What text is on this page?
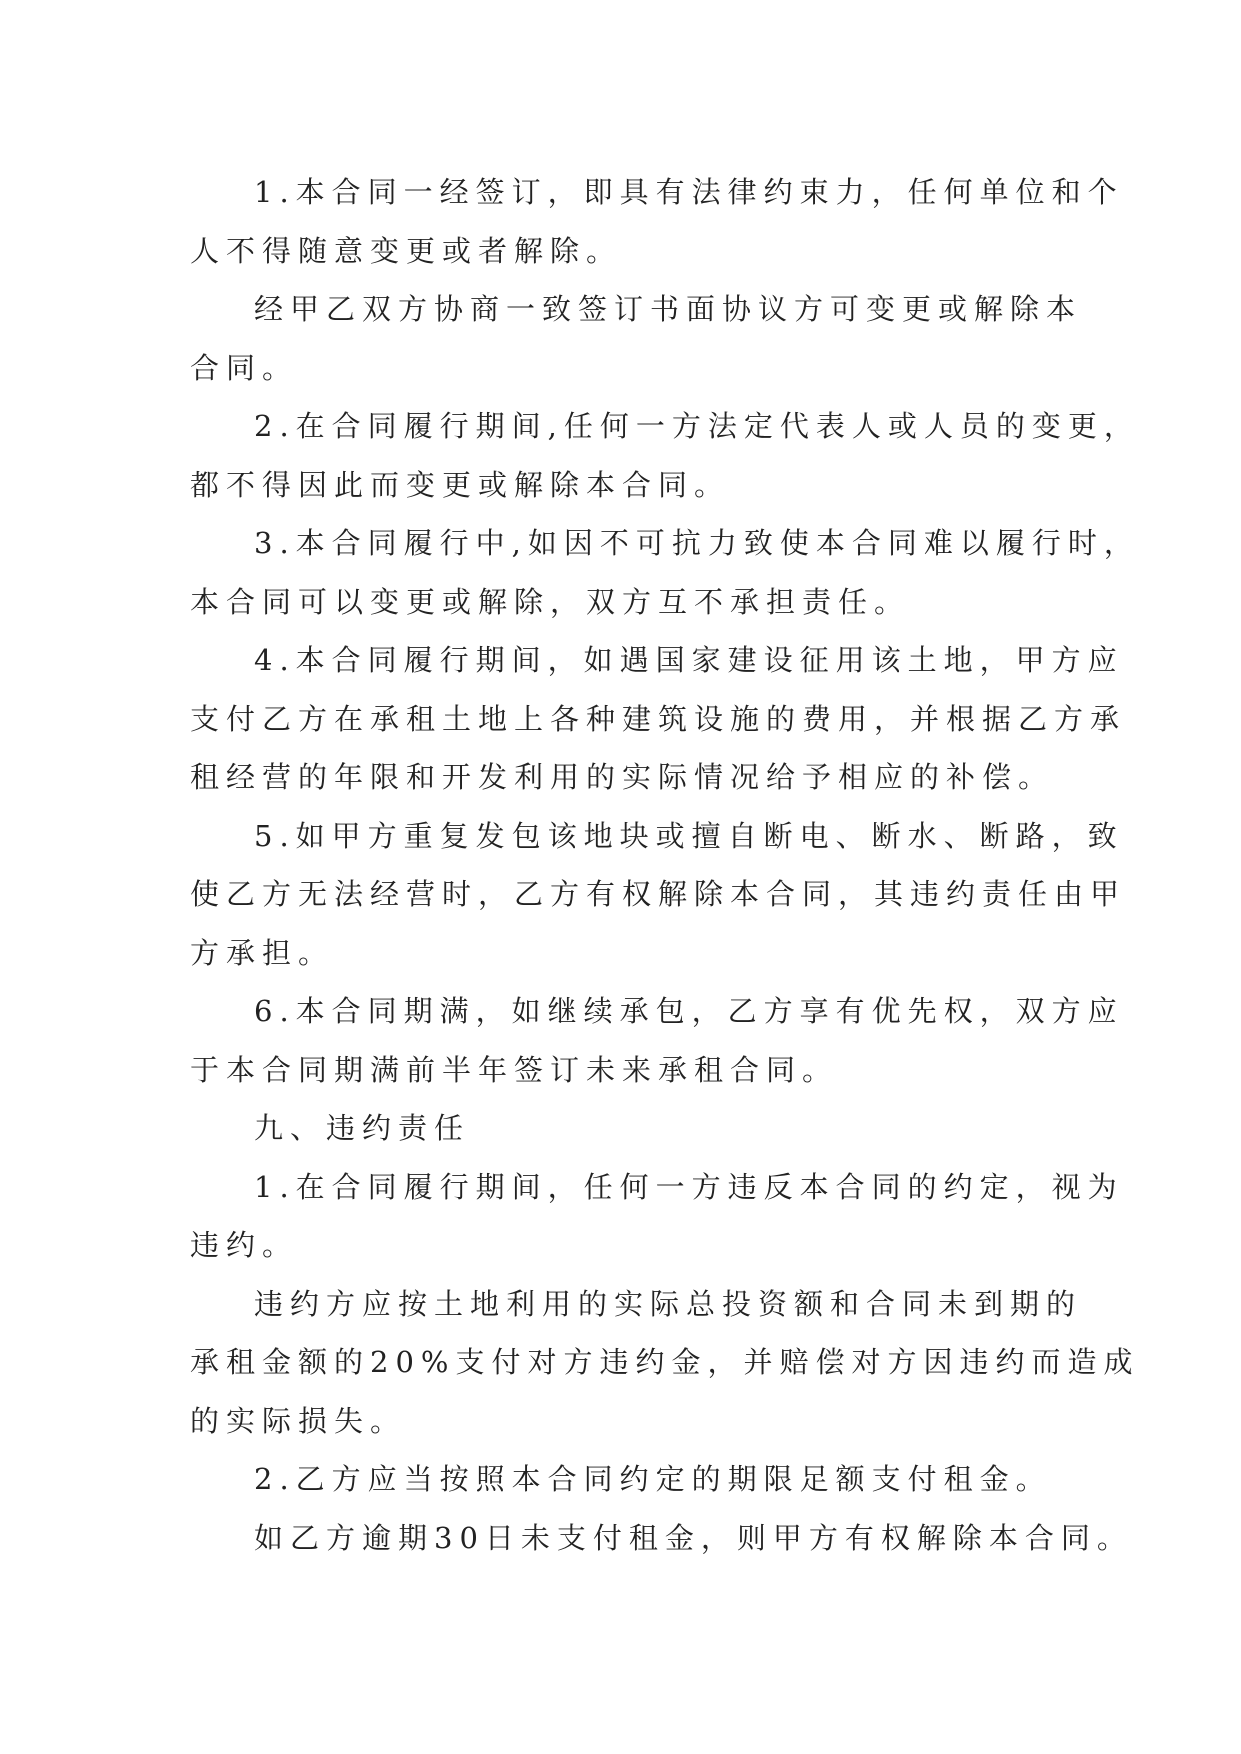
1.本合同一经签订，即具有法律约束力，任何单位和个
人不得随意变更或者解除。
经甲乙双方协商一致签订书面协议方可变更或解除本
合同。
2.在合同履行期间,任何一方法定代表人或人员的变更，
都不得因此而变更或解除本合同。
3.本合同履行中,如因不可抗力致使本合同难以履行时，
本合同可以变更或解除，双方互不承担责任。
4.本合同履行期间，如遇国家建设征用该土地，甲方应
支付乙方在承租土地上各种建筑设施的费用，并根据乙方承
租经营的年限和开发利用的实际情况给予相应的补偿。
5.如甲方重复发包该地块或擅自断电、断水、断路，致
使乙方无法经营时，乙方有权解除本合同，其违约责任由甲
方承担。
6.本合同期满，如继续承包，乙方享有优先权，双方应
于本合同期满前半年签订未来承租合同。
九、违约责任
1.在合同履行期间，任何一方违反本合同的约定，视为
违约。
违约方应按土地利用的实际总投资额和合同未到期的
承租金额的20%支付对方违约金，并赔偿对方因违约而造成
的实际损失。
2.乙方应当按照本合同约定的期限足额支付租金。
如乙方逾期30日未支付租金，则甲方有权解除本合同。
